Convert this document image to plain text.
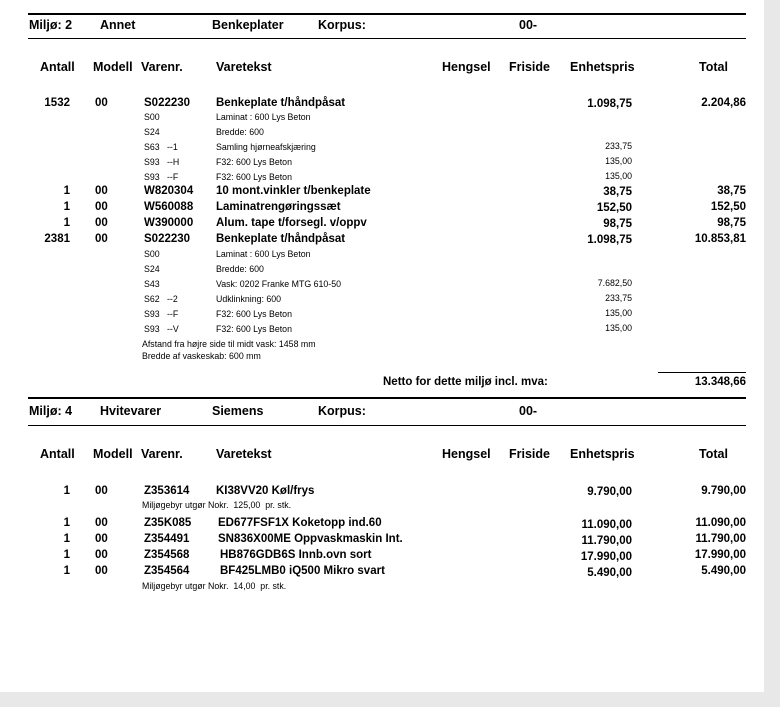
Miljø: 2 Annet	Benkeplater	Korpus:	00-
Antall Modell Varenr.	Varetekst	Hengsel Friside Enhetspris	Total
1532 00	S022230 Benkeplate t/håndpåsat	1.098,75	2.204,86
S00	Laminat : 600 Lys Beton
S24	Bredde: 600
S63   --1	Samling hjørneafskjæring	233,75
S93   --H	F32: 600 Lys Beton	135,00
S93   --F	F32: 600 Lys Beton	135,00
1 00	W820304 10 mont.vinkler t/benkeplate	38,75	38,75
1 00	W560088 Laminatrengøringssæt	152,50	152,50
1 00	W390000 Alum. tape t/forsegl. v/oppv	98,75	98,75
2381 00	S022230 Benkeplate t/håndpåsat	1.098,75	10.853,81
S00	Laminat : 600 Lys Beton
S24	Bredde: 600
S43	Vask: 0202 Franke MTG 610-50	7.682,50
S62   --2	Udklinkning: 600	233,75
S93   --F	F32: 600 Lys Beton	135,00
S93   --V	F32: 600 Lys Beton	135,00
Afstand fra højre side til midt vask: 1458 mm
Bredde af vaskeskab: 600 mm
Netto for dette miljø incl. mva:	13.348,66
Miljø: 4 Hvitevarer	Siemens	Korpus:	00-
Antall Modell Varenr.	Varetekst	Hengsel Friside Enhetspris	Total
1 00	Z353614 KI38VV20 Køl/frys	9.790,00	9.790,00
Miljøgebyr utgør Nokr.  125,00  pr. stk.
1 00	Z35K085 ED677FSF1X Koketopp ind.60	11.090,00	11.090,00
1 00	Z354491 SN836X00ME Oppvaskmaskin Int.	11.790,00	11.790,00
1 00	Z354568	HB876GDB6S Innb.ovn sort	17.990,00	17.990,00
1 00	Z354564	BF425LMB0 iQ500 Mikro svart	5.490,00	5.490,00
Miljøgebyr utgør Nokr.  14,00  pr. stk.
